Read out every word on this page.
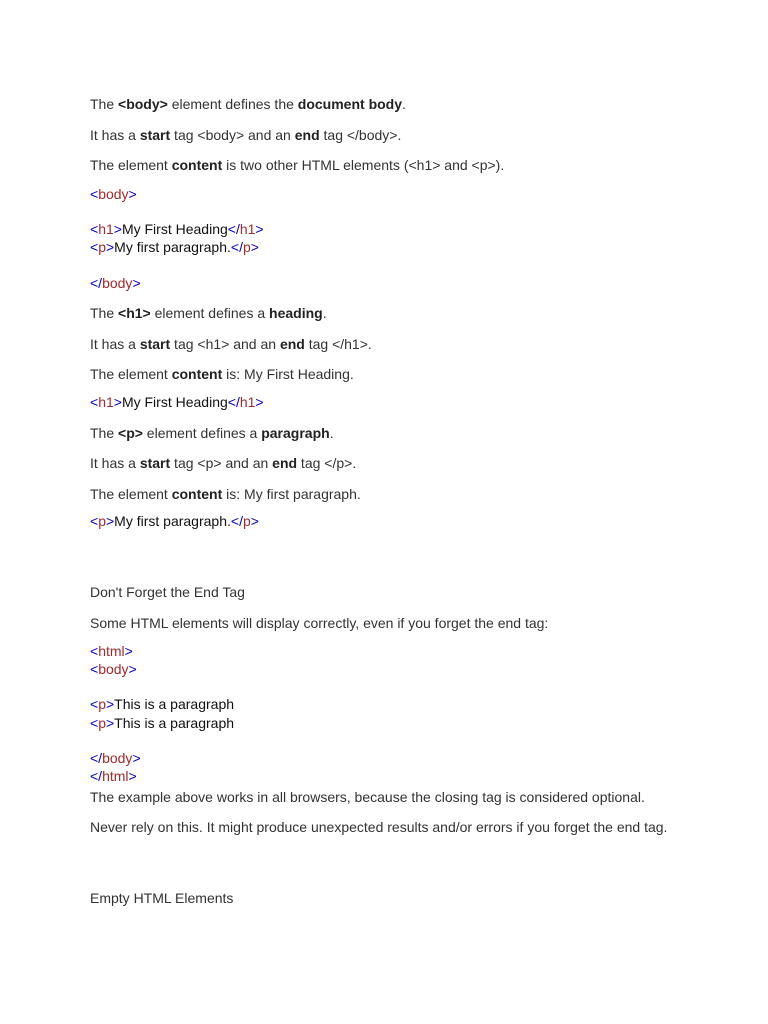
The <body> element defines the document body.
It has a start tag <body> and an end tag </body>.
The element content is two other HTML elements (<h1> and <p>).
<body>
<h1>My First Heading</h1>
<p>My first paragraph.</p>
</body>
The <h1> element defines a heading.
It has a start tag <h1> and an end tag </h1>.
The element content is: My First Heading.
<h1>My First Heading</h1>
The <p> element defines a paragraph.
It has a start tag <p> and an end tag </p>.
The element content is: My first paragraph.
<p>My first paragraph.</p>
Don't Forget the End Tag
Some HTML elements will display correctly, even if you forget the end tag:
<html>
<body>
<p>This is a paragraph
<p>This is a paragraph
</body>
</html>
The example above works in all browsers, because the closing tag is considered optional.
Never rely on this. It might produce unexpected results and/or errors if you forget the end tag.
Empty HTML Elements
